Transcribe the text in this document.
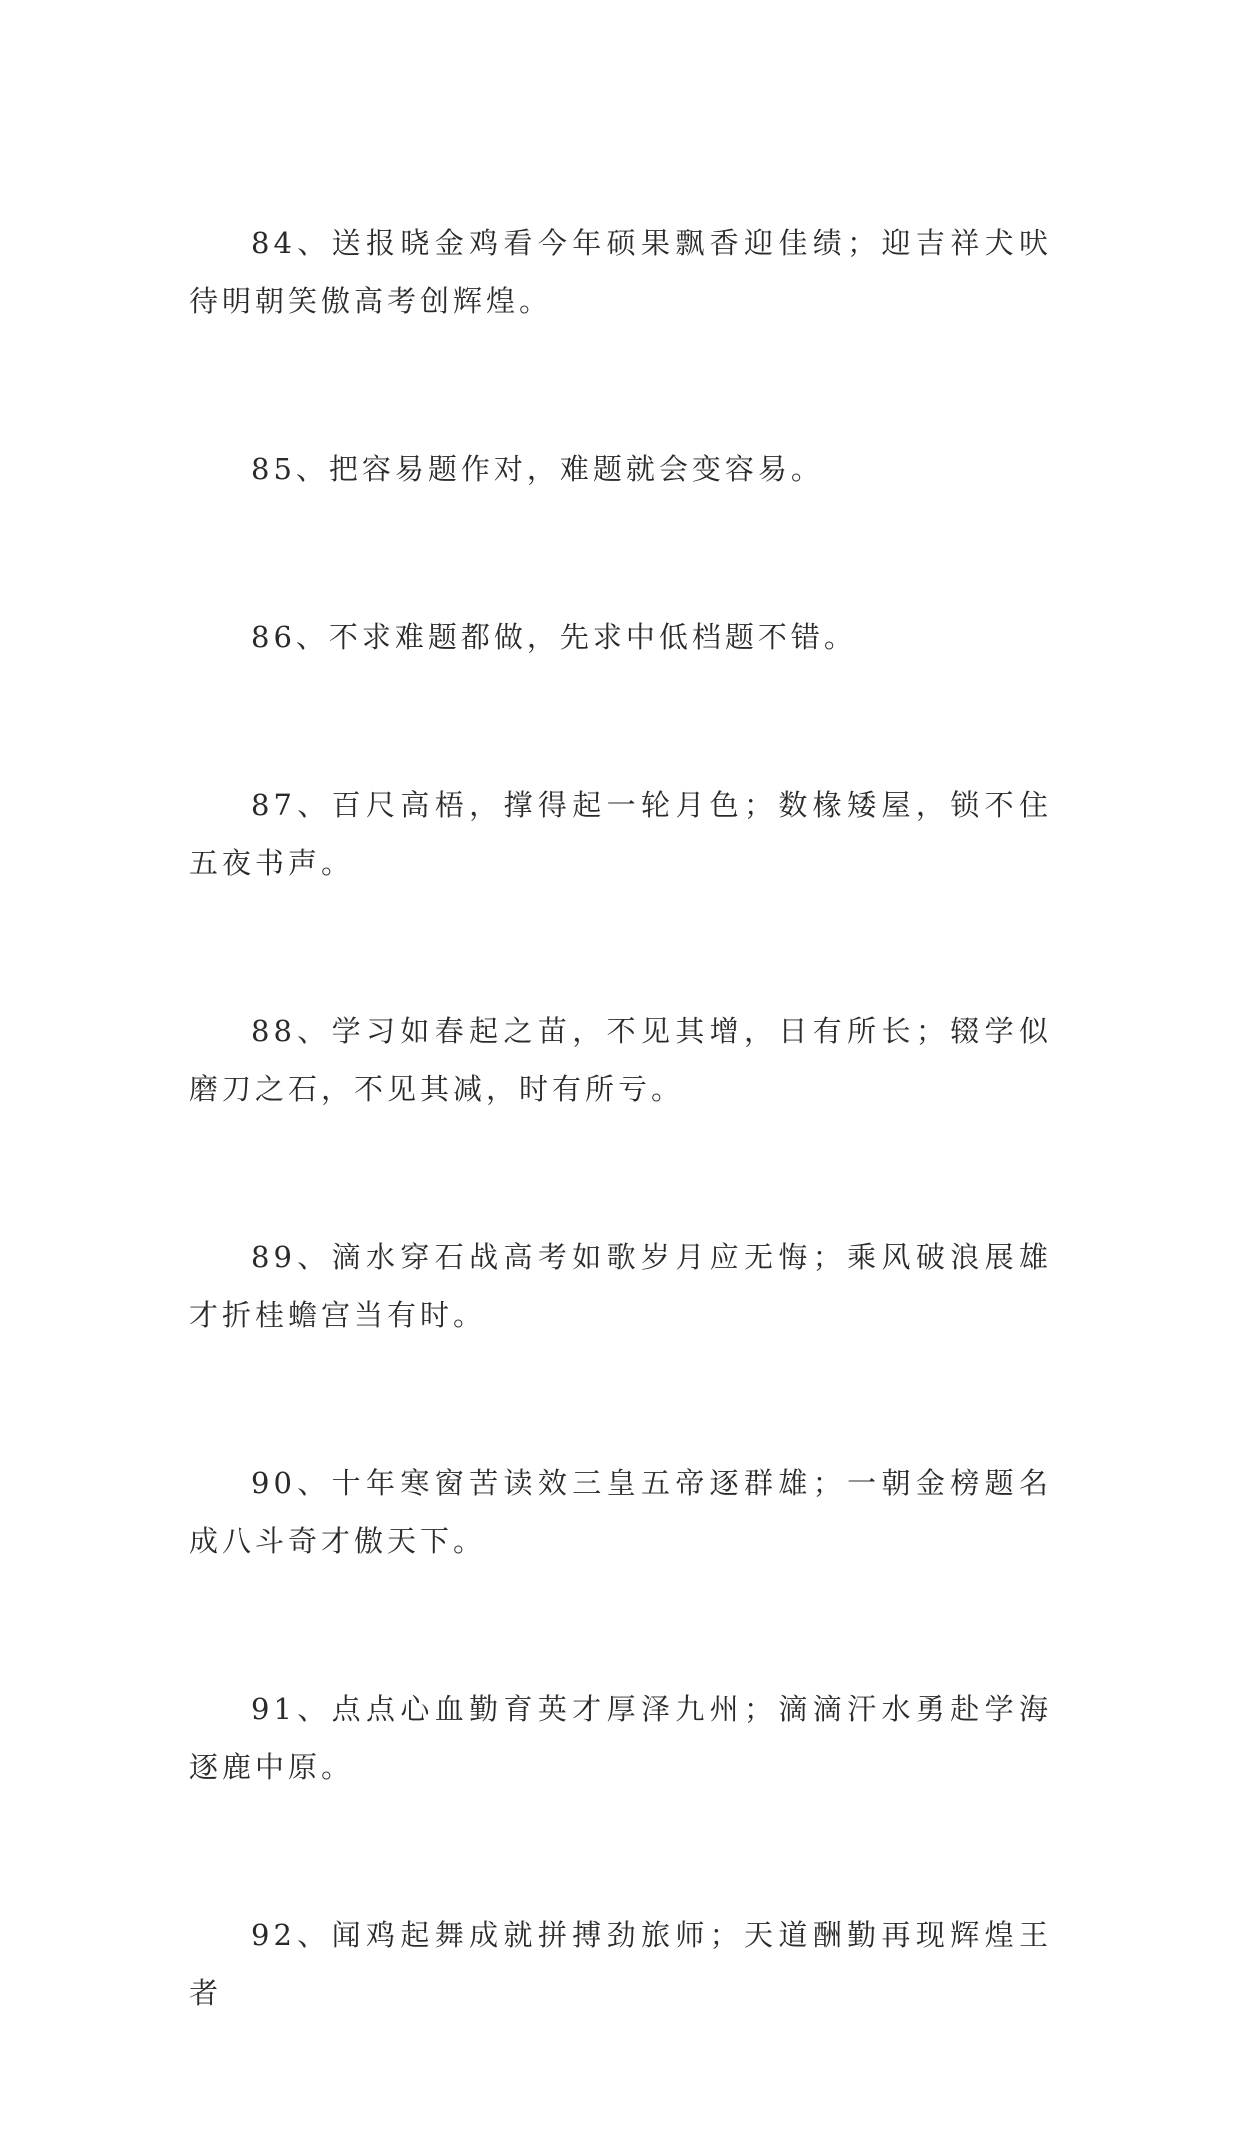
84、送报晓金鸡看今年硕果飘香迎佳绩；迎吉祥犬吠待明朝笑傲高考创辉煌。

85、把容易题作对，难题就会变容易。

86、不求难题都做，先求中低档题不错。

87、百尺高梧，撑得起一轮月色；数椽矮屋，锁不住五夜书声。

88、学习如春起之苗，不见其增，日有所长；辍学似磨刀之石，不见其减，时有所亏。

89、滴水穿石战高考如歌岁月应无悔；乘风破浪展雄才折桂蟾宫当有时。

90、十年寒窗苦读效三皇五帝逐群雄；一朝金榜题名成八斗奇才傲天下。

91、点点心血勤育英才厚泽九州；滴滴汗水勇赴学海逐鹿中原。

92、闻鸡起舞成就拼搏劲旅师；天道酬勤再现辉煌王者
